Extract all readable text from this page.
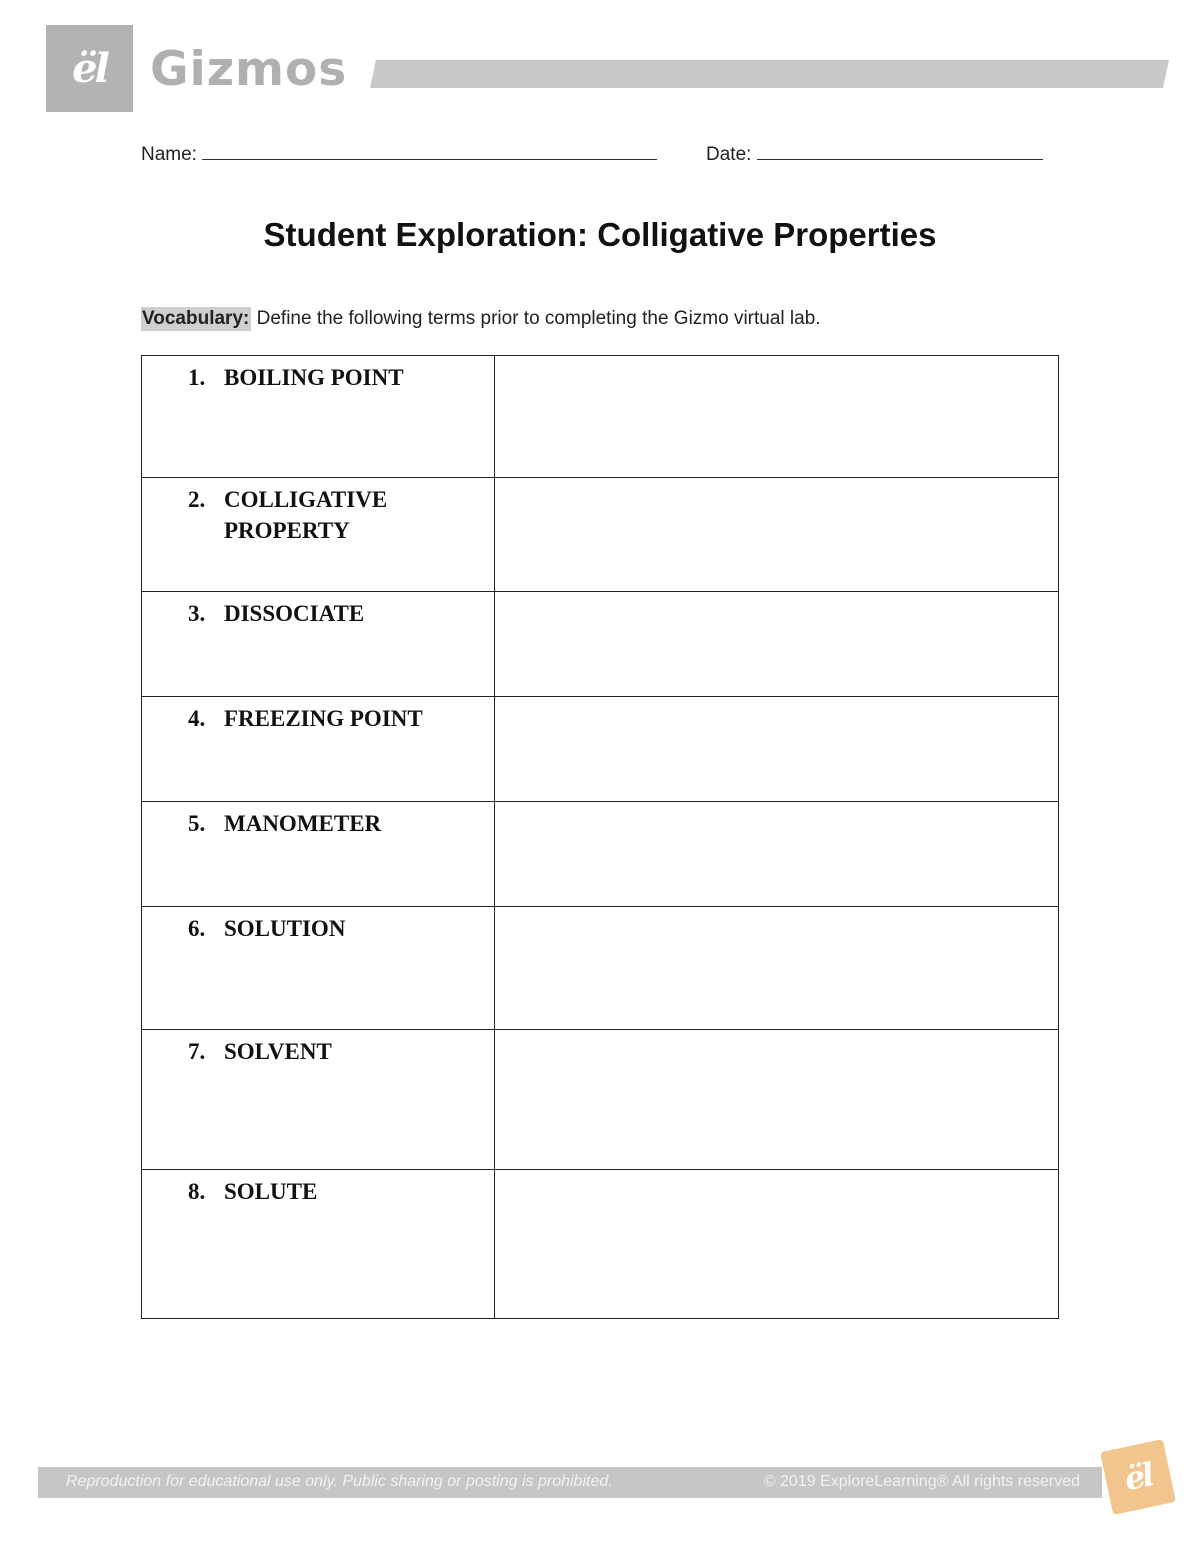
ël Gizmos
Name:	Date:
Student Exploration: Colligative Properties
Vocabulary: Define the following terms prior to completing the Gizmo virtual lab.
1. BOILING POINT	

2. COLLIGATIVE PROPERTY	

3. DISSOCIATE	

4. FREEZING POINT	

5. MANOMETER	

6. SOLUTION	

7. SOLVENT	

8. SOLUTE	

Reproduction for educational use only. Public sharing or posting is prohibited.	© 2019 ExploreLearning® All rights reserved ël
